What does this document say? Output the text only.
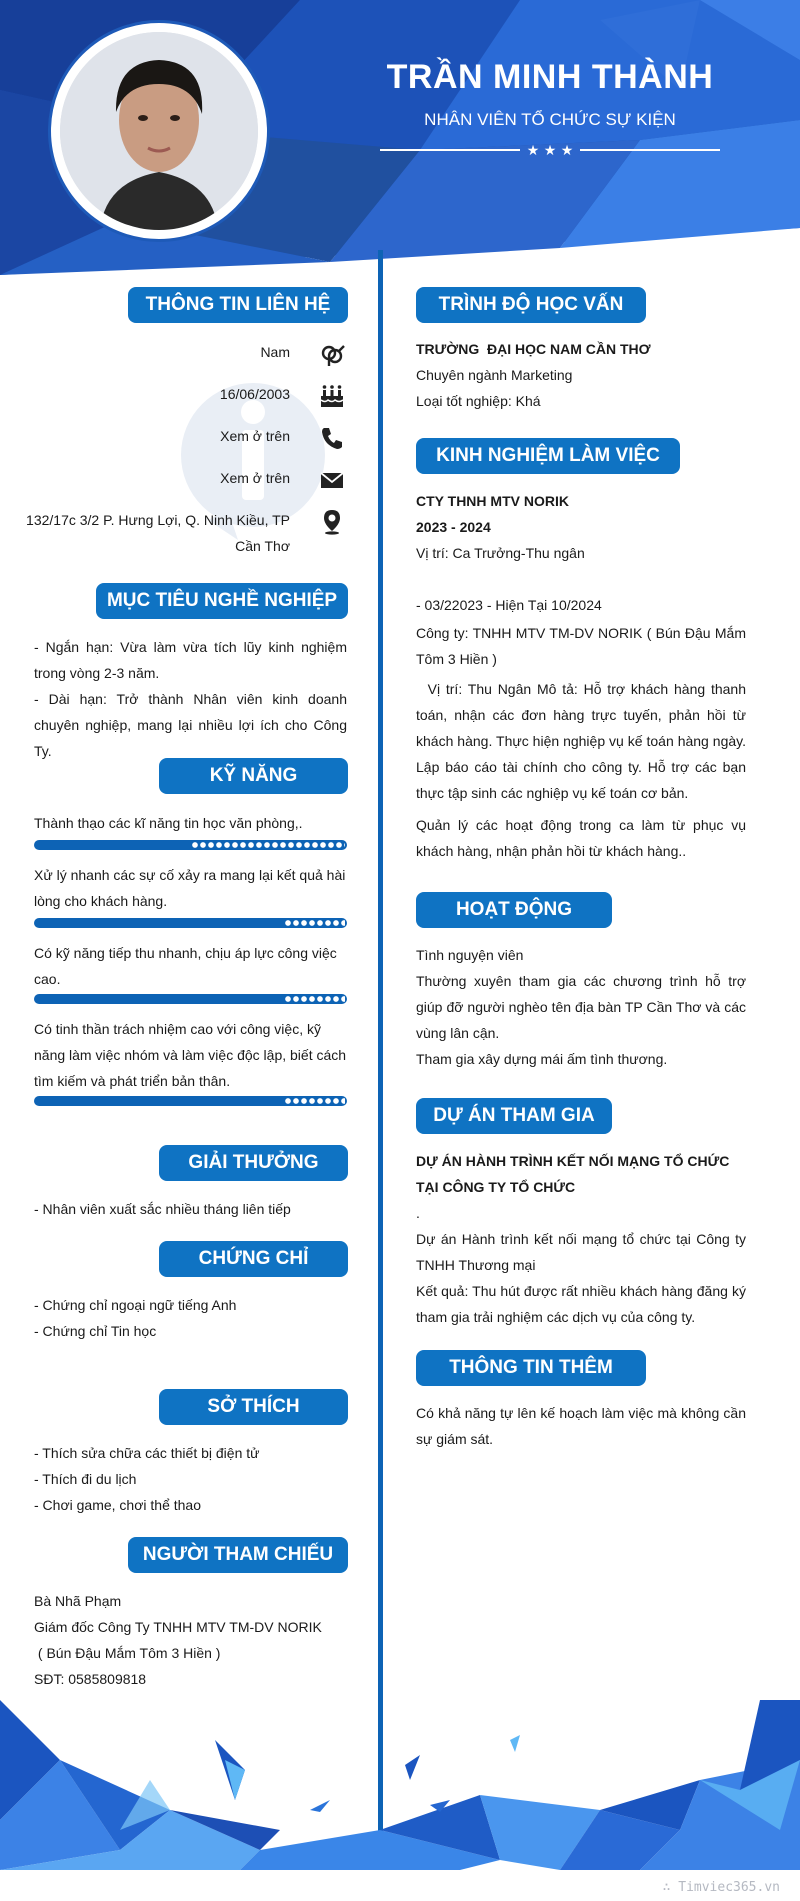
TRẦN MINH THÀNH
NHÂN VIÊN TỔ CHỨC SỰ KIỆN
★ ★ ★
THÔNG TIN LIÊN HỆ
Nam
16/06/2003
Xem ở trên
Xem ở trên
132/17c 3/2 P. Hưng Lợi, Q. Ninh Kiều, TP Cần Thơ
MỤC TIÊU NGHỀ NGHIỆP
- Ngắn hạn: Vừa làm vừa tích lũy kinh nghiệm trong vòng 2-3 năm.
- Dài hạn: Trở thành Nhân viên kinh doanh chuyên nghiệp, mang lại nhiều lợi ích cho Công Ty.
KỸ NĂNG
Thành thạo các kĩ năng tin học văn phòng,.
Xử lý nhanh các sự cố xảy ra mang lại kết quả hài lòng cho khách hàng.
Có kỹ năng tiếp thu nhanh, chịu áp lực công việc cao.
Có tinh thần trách nhiệm cao với công việc, kỹ năng làm việc nhóm và làm việc độc lập, biết cách tìm kiếm và phát triển bản thân.
GIẢI THƯỞNG
- Nhân viên xuất sắc nhiều tháng liên tiếp
CHỨNG CHỈ
- Chứng chỉ ngoại ngữ tiếng Anh
- Chứng chỉ Tin học
SỞ THÍCH
- Thích sửa chữa các thiết bị điện tử
- Thích đi du lịch
- Chơi game, chơi thể thao
NGƯỜI THAM CHIẾU
Bà Nhã Phạm
Giám đốc Công Ty TNHH MTV TM-DV NORIK
( Bún Đậu Mắm Tôm 3 Hiền )
SĐT: 0585809818
TRÌNH ĐỘ HỌC VẤN
TRƯỜNG  ĐẠI HỌC NAM CẦN THƠ
Chuyên ngành Marketing
Loại tốt nghiệp: Khá
KINH NGHIỆM LÀM VIỆC
CTY THNH MTV NORIK
2023 - 2024
Vị trí: Ca Trưởng-Thu ngân
- 03/22023 - Hiện Tại 10/2024
Công ty: TNHH MTV TM-DV NORIK ( Bún Đậu Mắm Tôm 3 Hiền )
Vị trí: Thu Ngân Mô tả: Hỗ trợ khách hàng thanh toán, nhận các đơn hàng trực tuyến, phản hồi từ khách hàng. Thực hiện nghiệp vụ kế toán hàng ngày. Lập báo cáo tài chính cho công ty. Hỗ trợ các bạn thực tập sinh các nghiệp vụ kế toán cơ bản.
Quản lý các hoạt động trong ca làm từ phục vụ khách hàng, nhận phản hồi từ khách hàng..
HOẠT ĐỘNG
Tình nguyện viên
Thường xuyên tham gia các chương trình hỗ trợ giúp đỡ người nghèo tên địa bàn TP Cần Thơ và các vùng lân cận.
Tham gia xây dựng mái ấm tình thương.
DỰ ÁN THAM GIA
DỰ ÁN HÀNH TRÌNH KẾT NỐI MẠNG TỔ CHỨC TẠI CÔNG TY TỔ CHỨC
.
Dự án Hành trình kết nối mạng tổ chức tại Công ty TNHH Thương mại
Kết quả: Thu hút được rất nhiều khách hàng đăng ký tham gia trải nghiệm các dịch vụ của công ty.
THÔNG TIN THÊM
Có khả năng tự lên kế hoạch làm việc mà không cần sự giám sát.
∴ Timviec365.vn
